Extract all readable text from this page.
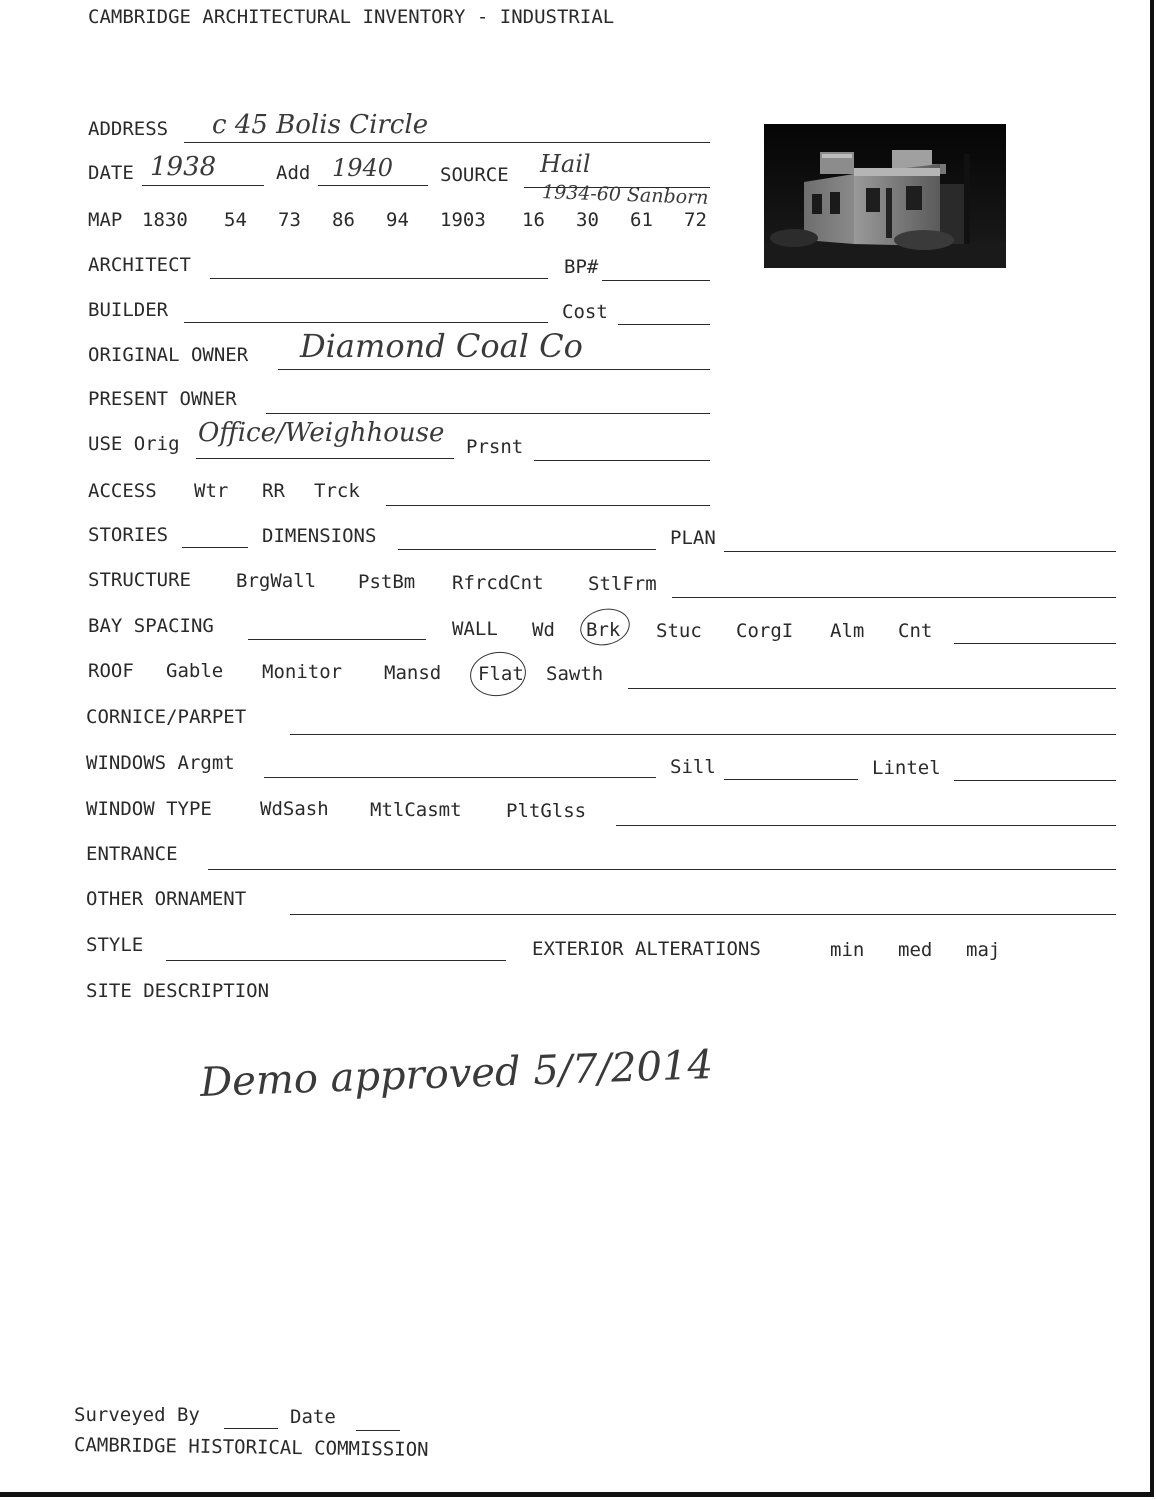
CAMBRIDGE ARCHITECTURAL INVENTORY - INDUSTRIAL
ADDRESS c 45 Bolis Circle
DATE 1938	Add 1940 SOURCE Hail
1934-60 Sanborn
MAP 1830 54 73 86 94 1903 16 30 61 72
ARCHITECT	BP#
BUILDER	Cost
ORIGINAL OWNER Diamond Coal Co
PRESENT OWNER
USE Orig Office/Weighhouse Prsnt
ACCESS Wtr RR Trck
STORIES	DIMENSIONS	PLAN
STRUCTURE BrgWall PstBm RfrcdCnt StlFrm
BAY SPACING	WALL Wd Brk Stuc CorgI Alm Cnt
ROOF Gable Monitor Mansd Flat Sawth
CORNICE/PARPET
WINDOWS Argmt	Sill	Lintel
WINDOW TYPE	WdSash MtlCasmt PltGlss
ENTRANCE
OTHER ORNAMENT
STYLE	EXTERIOR ALTERATIONS	min med maj
SITE DESCRIPTION
Demo approved 5/7/2014
Surveyed By	Date
CAMBRIDGE HISTORICAL COMMISSION
